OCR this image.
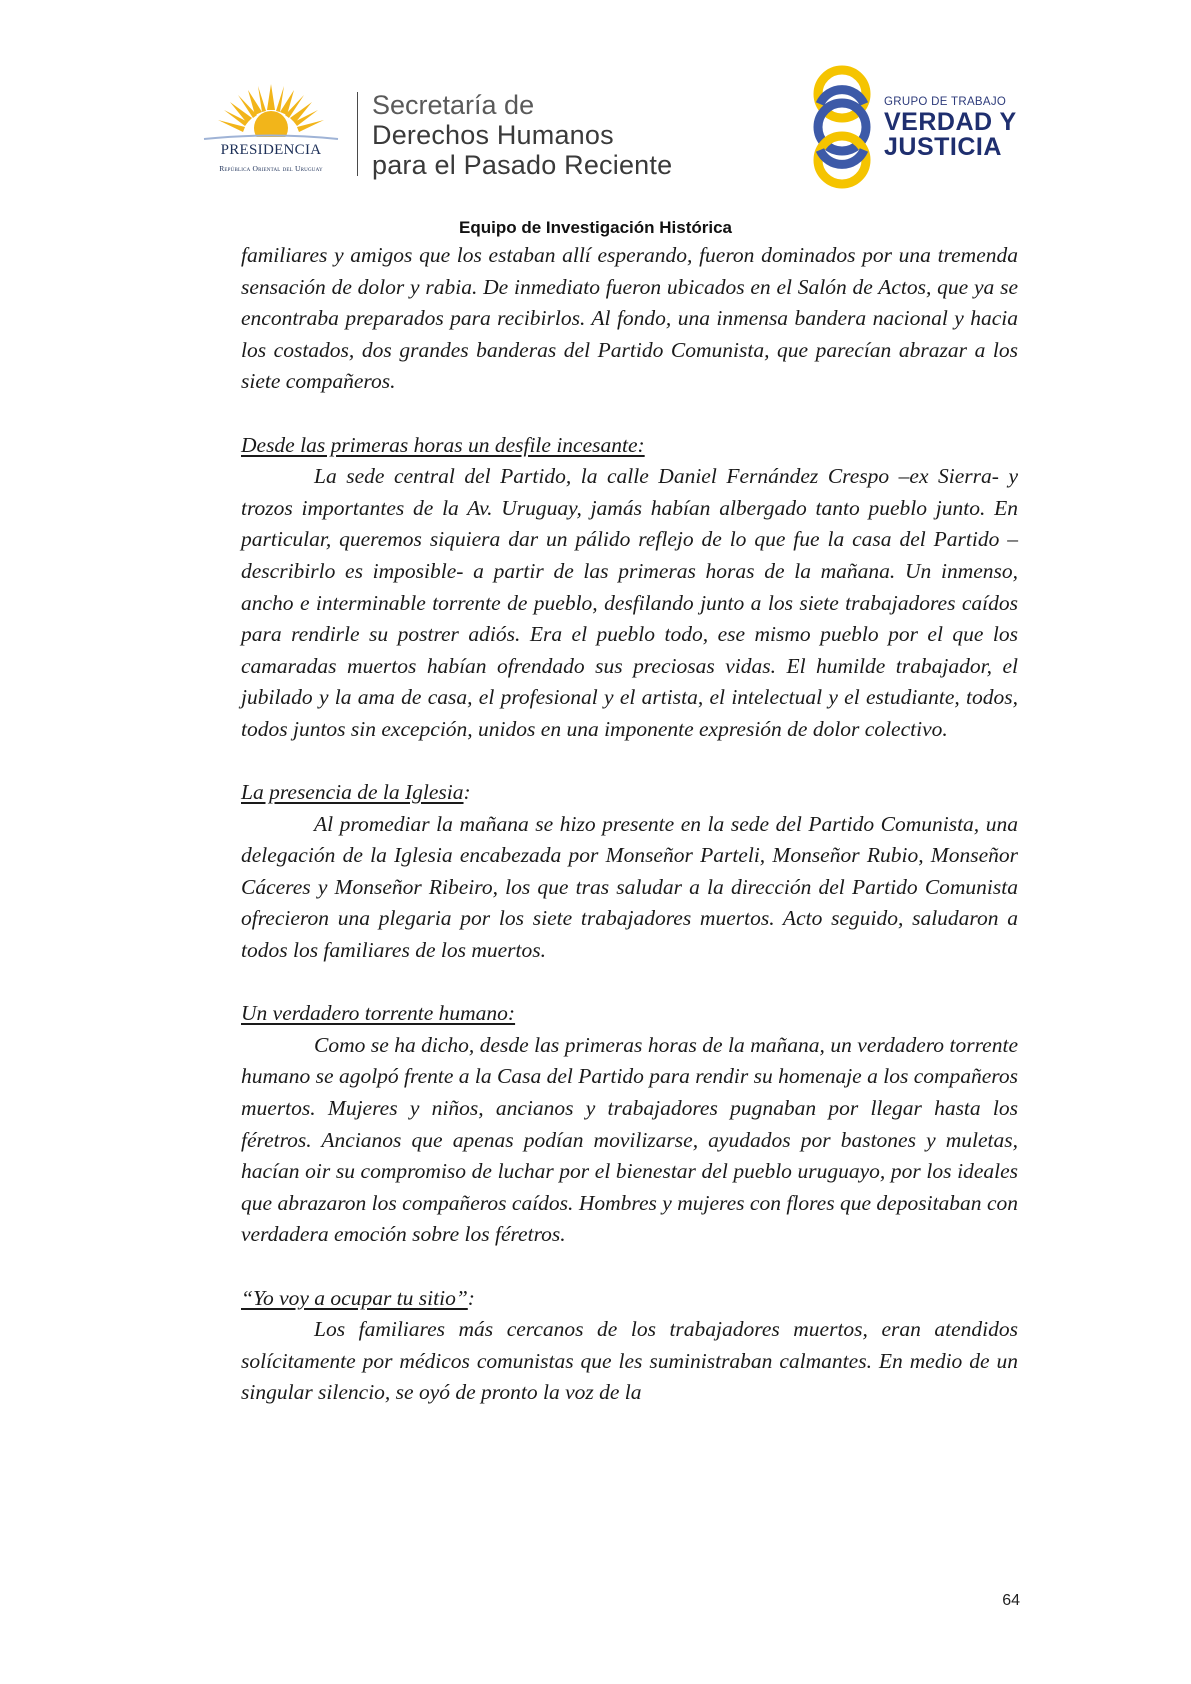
PRESIDENCIA
República Oriental del Uruguay
Secretaría de
Derechos Humanos
para el Pasado Reciente
GRUPO DE TRABAJO
VERDAD Y
JUSTICIA
Equipo de Investigación Histórica

familiares y amigos que los estaban allí esperando, fueron dominados por una tremenda sensación de dolor y rabia. De inmediato fueron ubicados en el Salón de Actos, que ya se encontraba preparados para recibirlos. Al fondo, una inmensa bandera nacional y hacia los costados, dos grandes banderas del Partido Comunista, que parecían abrazar a los siete compañeros.

Desde las primeras horas un desfile incesante:

La sede central del Partido, la calle Daniel Fernández Crespo –ex Sierra- y trozos importantes de la Av. Uruguay, jamás habían albergado tanto pueblo junto. En particular, queremos siquiera dar un pálido reflejo de lo que fue la casa del Partido –describirlo es imposible- a partir de las primeras horas de la mañana. Un inmenso, ancho e interminable torrente de pueblo, desfilando junto a los siete trabajadores caídos para rendirle su postrer adiós. Era el pueblo todo, ese mismo pueblo por el que los camaradas muertos habían ofrendado sus preciosas vidas. El humilde trabajador, el jubilado y la ama de casa, el profesional y el artista, el intelectual y el estudiante, todos, todos juntos sin excepción, unidos en una imponente expresión de dolor colectivo.

La presencia de la Iglesia:

Al promediar la mañana se hizo presente en la sede del Partido Comunista, una delegación de la Iglesia encabezada por Monseñor Parteli, Monseñor Rubio, Monseñor Cáceres y Monseñor Ribeiro, los que tras saludar a la dirección del Partido Comunista ofrecieron una plegaria por los siete trabajadores muertos. Acto seguido, saludaron a todos los familiares de los muertos.

Un verdadero torrente humano:

Como se ha dicho, desde las primeras horas de la mañana, un verdadero torrente humano se agolpó frente a la Casa del Partido para rendir su homenaje a los compañeros muertos. Mujeres y niños, ancianos y trabajadores pugnaban por llegar hasta los féretros. Ancianos que apenas podían movilizarse, ayudados por bastones y muletas, hacían oir su compromiso de luchar por el bienestar del pueblo uruguayo, por los ideales que abrazaron los compañeros caídos. Hombres y mujeres con flores que depositaban con verdadera emoción sobre los féretros.

“Yo voy a ocupar tu sitio”:

Los familiares más cercanos de los trabajadores muertos, eran atendidos solícitamente por médicos comunistas que les suministraban calmantes. En medio de un singular silencio, se oyó de pronto la voz de la

64
